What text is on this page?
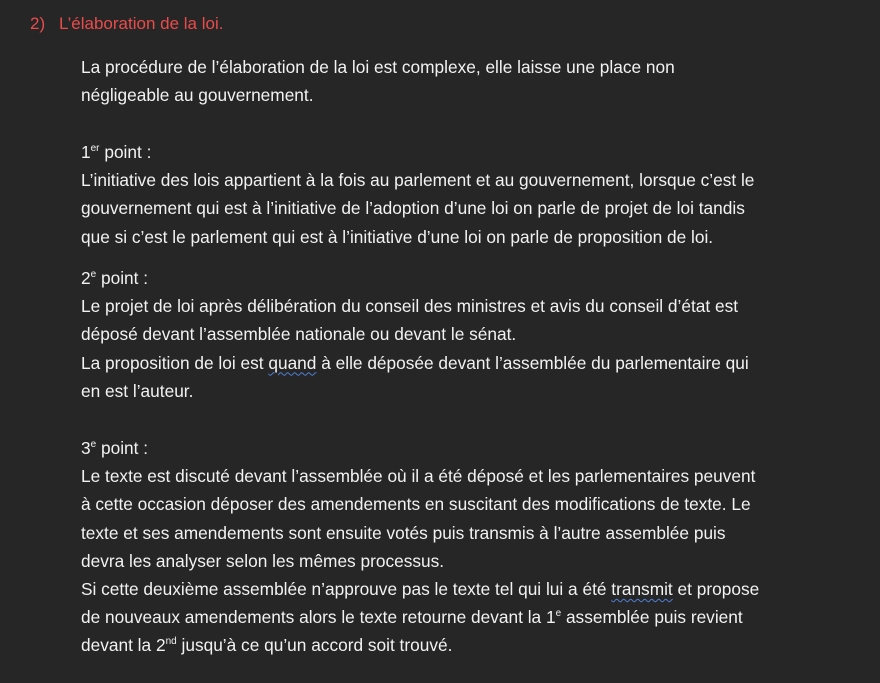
2) L’élaboration de la loi.
La procédure de l’élaboration de la loi est complexe, elle laisse une place non
négligeable au gouvernement.
1er point :
L’initiative des lois appartient à la fois au parlement et au gouvernement, lorsque c’est le
gouvernement qui est à l’initiative de l’adoption d’une loi on parle de projet de loi tandis
que si c’est le parlement qui est à l’initiative d’une loi on parle de proposition de loi.
2e point :
Le projet de loi après délibération du conseil des ministres et avis du conseil d’état est
déposé devant l’assemblée nationale ou devant le sénat.
La proposition de loi est quand à elle déposée devant l’assemblée du parlementaire qui
en est l’auteur.
3e point :
Le texte est discuté devant l’assemblée où il a été déposé et les parlementaires peuvent
à cette occasion déposer des amendements en suscitant des modifications de texte. Le
texte et ses amendements sont ensuite votés puis transmis à l’autre assemblée puis
devra les analyser selon les mêmes processus.
Si cette deuxième assemblée n’approuve pas le texte tel qui lui a été transmit et propose
de nouveaux amendements alors le texte retourne devant la 1e assemblée puis revient
devant la 2nd jusqu’à ce qu’un accord soit trouvé.
